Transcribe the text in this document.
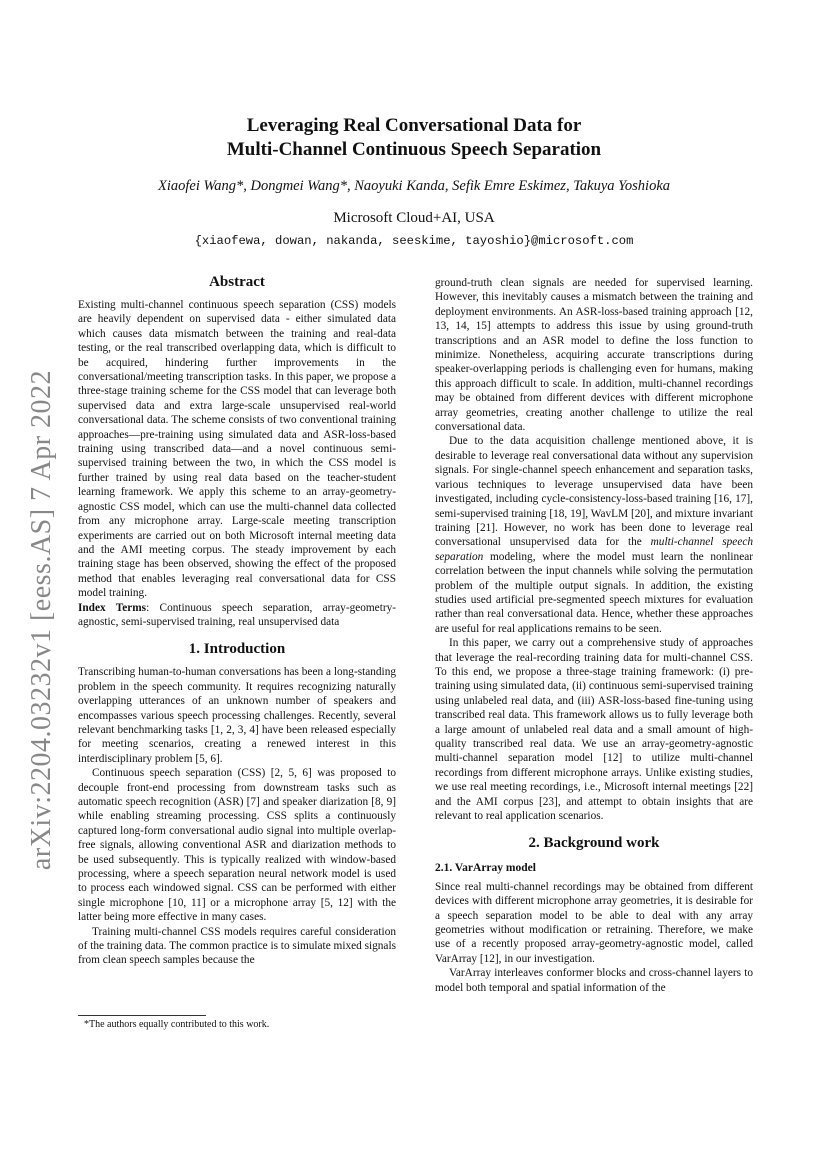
arXiv:2204.03232v1 [eess.AS] 7 Apr 2022
Leveraging Real Conversational Data for
Multi-Channel Continuous Speech Separation
Xiaofei Wang*, Dongmei Wang*, Naoyuki Kanda, Sefik Emre Eskimez, Takuya Yoshioka
Microsoft Cloud+AI, USA
{xiaofewa, dowan, nakanda, seeskime, tayoshio}@microsoft.com
Abstract

Existing multi-channel continuous speech separation (CSS) models are heavily dependent on supervised data - either simulated data which causes data mismatch between the training and real-data testing, or the real transcribed overlapping data, which is difficult to be acquired, hindering further improvements in the conversational/meeting transcription tasks. In this paper, we propose a three-stage training scheme for the CSS model that can leverage both supervised data and extra large-scale unsupervised real-world conversational data. The scheme consists of two conventional training approaches—pre-training using simulated data and ASR-loss-based training using transcribed data—and a novel continuous semi-supervised training between the two, in which the CSS model is further trained by using real data based on the teacher-student learning framework. We apply this scheme to an array-geometry-agnostic CSS model, which can use the multi-channel data collected from any microphone array. Large-scale meeting transcription experiments are carried out on both Microsoft internal meeting data and the AMI meeting corpus. The steady improvement by each training stage has been observed, showing the effect of the proposed method that enables leveraging real conversational data for CSS model training.

Index Terms: Continuous speech separation, array-geometry-agnostic, semi-supervised training, real unsupervised data

1. Introduction

Transcribing human-to-human conversations has been a long-standing problem in the speech community. It requires recognizing naturally overlapping utterances of an unknown number of speakers and encompasses various speech processing challenges. Recently, several relevant benchmarking tasks [1, 2, 3, 4] have been released especially for meeting scenarios, creating a renewed interest in this interdisciplinary problem [5, 6].

Continuous speech separation (CSS) [2, 5, 6] was proposed to decouple front-end processing from downstream tasks such as automatic speech recognition (ASR) [7] and speaker diarization [8, 9] while enabling streaming processing. CSS splits a continuously captured long-form conversational audio signal into multiple overlap-free signals, allowing conventional ASR and diarization methods to be used subsequently. This is typically realized with window-based processing, where a speech separation neural network model is used to process each windowed signal. CSS can be performed with either single microphone [10, 11] or a microphone array [5, 12] with the latter being more effective in many cases.

Training multi-channel CSS models requires careful consideration of the training data. The common practice is to simulate mixed signals from clean speech samples because the

ground-truth clean signals are needed for supervised learning. However, this inevitably causes a mismatch between the training and deployment environments. An ASR-loss-based training approach [12, 13, 14, 15] attempts to address this issue by using ground-truth transcriptions and an ASR model to define the loss function to minimize. Nonetheless, acquiring accurate transcriptions during speaker-overlapping periods is challenging even for humans, making this approach difficult to scale. In addition, multi-channel recordings may be obtained from different devices with different microphone array geometries, creating another challenge to utilize the real conversational data.

Due to the data acquisition challenge mentioned above, it is desirable to leverage real conversational data without any supervision signals. For single-channel speech enhancement and separation tasks, various techniques to leverage unsupervised data have been investigated, including cycle-consistency-loss-based training [16, 17], semi-supervised training [18, 19], WavLM [20], and mixture invariant training [21]. However, no work has been done to leverage real conversational unsupervised data for the multi-channel speech separation modeling, where the model must learn the nonlinear correlation between the input channels while solving the permutation problem of the multiple output signals. In addition, the existing studies used artificial pre-segmented speech mixtures for evaluation rather than real conversational data. Hence, whether these approaches are useful for real applications remains to be seen.

In this paper, we carry out a comprehensive study of approaches that leverage the real-recording training data for multi-channel CSS. To this end, we propose a three-stage training framework: (i) pre-training using simulated data, (ii) continuous semi-supervised training using unlabeled real data, and (iii) ASR-loss-based fine-tuning using transcribed real data. This framework allows us to fully leverage both a large amount of unlabeled real data and a small amount of high-quality transcribed real data. We use an array-geometry-agnostic multi-channel separation model [12] to utilize multi-channel recordings from different microphone arrays. Unlike existing studies, we use real meeting recordings, i.e., Microsoft internal meetings [22] and the AMI corpus [23], and attempt to obtain insights that are relevant to real application scenarios.

2. Background work
2.1. VarArray model

Since real multi-channel recordings may be obtained from different devices with different microphone array geometries, it is desirable for a speech separation model to be able to deal with any array geometries without modification or retraining. Therefore, we make use of a recently proposed array-geometry-agnostic model, called VarArray [12], in our investigation.

VarArray interleaves conformer blocks and cross-channel layers to model both temporal and spatial information of the

*The authors equally contributed to this work.
